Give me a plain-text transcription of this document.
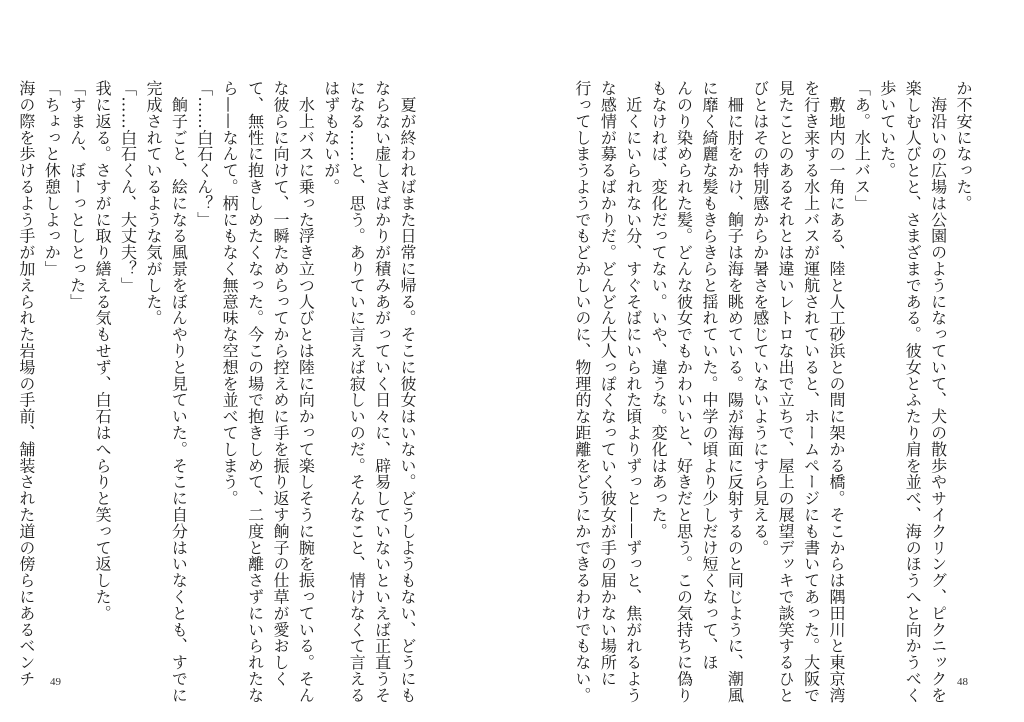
　夏が終わればまた日常に帰る。そこに彼女はいない。どうしようもない、どうにも
ならない虚しさばかりが積みあがっていく日々に、辟易していないといえば正直うそ
になる……と、思う。ありていに言えば寂しいのだ。そんなこと、情けなくて言える
はずもないが。
　水上バスに乗った浮き立つ人びとは陸に向かって楽しそうに腕を振っている。そん
な彼らに向けて、一瞬ためらってから控えめに手を振り返す餉子の仕草が愛おしく
て、無性に抱きしめたくなった。今この場で抱きしめて、二度と離さずにいられたな
ら——なんて。柄にもなく無意味な空想を並べてしまう。
「……白石くん？」
　餉子ごと、絵になる風景をぼんやりと見ていた。そこに自分はいなくとも、すでに
完成されているような気がした。
「……白石くん、大丈夫？」
我に返る。さすがに取り繕える気もせず、白石はへらりと笑って返した。
「すまん、ぼーっとしとった」
「ちょっと休憩しよっか」
海の際を歩けるよう手が加えられた岩場の手前、舗装された道の傍らにあるベンチ 49
か不安になった。
　海沿いの広場は公園のようになっていて、犬の散歩やサイクリング、ピクニックを
楽しむ人びとと、さまざまである。彼女とふたり肩を並べ、海のほうへと向かうべく
歩いていた。
「あ。水上バス」
　敷地内の一角にある、陸と人工砂浜との間に架かる橋。そこからは隅田川と東京湾
を行き来する水上バスが運航されていると、ホームページにも書いてあった。大阪で
見たことのあるそれとは違いレトロな出で立ちで、屋上の展望デッキで談笑するひと
びとはその特別感からか暑さを感じていないようにすら見える。
　柵に肘をかけ、餉子は海を眺めている。陽が海面に反射するのと同じように、潮風
に靡く綺麗な髪もきらきらと揺れていた。中学の頃より少しだけ短くなって、ほ
んのり染められた髪。どんな彼女でもかわいいと、好きだと思う。この気持ちに偽り
もなければ、変化だってない。いや、違うな。変化はあった。
　近くにいられない分、すぐそばにいられた頃よりずっと——ずっと、焦がれるよう
な感情が募るばかりだ。どんどん大人っぽくなっていく彼女が手の届かない場所に
行ってしまうようでもどかしいのに、物理的な距離をどうにかできるわけでもない。	48
